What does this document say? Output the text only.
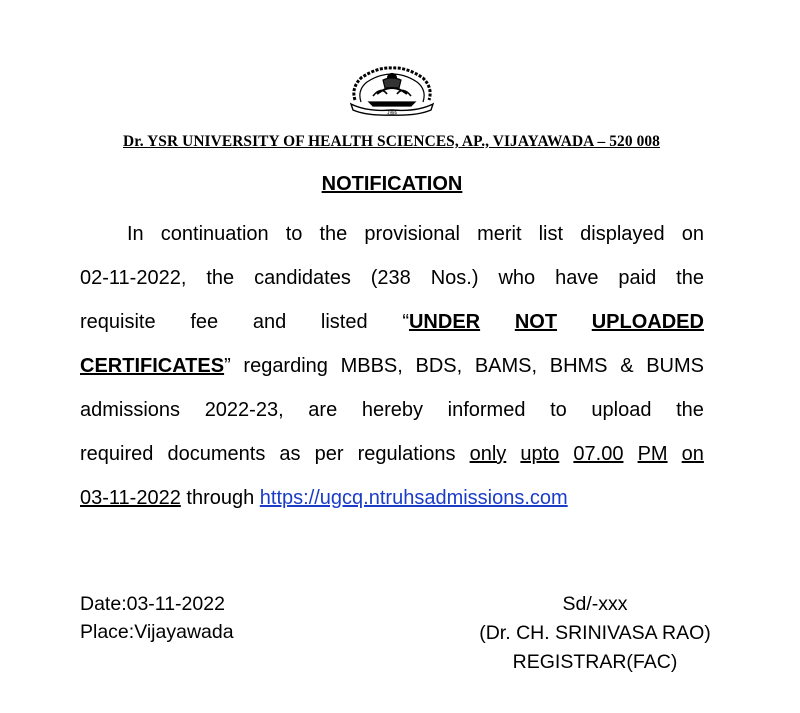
1986
Dr. YSR UNIVERSITY OF HEALTH SCIENCES, AP., VIJAYAWADA – 520 008
NOTIFICATION
In continuation to the provisional merit list displayed on
02-11-2022, the candidates (238 Nos.) who have paid the
requisite fee and listed “UNDER NOT UPLOADED
CERTIFICATES” regarding MBBS, BDS, BAMS, BHMS & BUMS
admissions 2022-23, are hereby informed to upload the
required documents as per regulations only upto 07.00 PM on
03-11-2022 through https://ugcq.ntruhsadmissions.com
Date:03-11-2022
Place:Vijayawada
Sd/-xxx
(Dr. CH. SRINIVASA RAO)
REGISTRAR(FAC)
